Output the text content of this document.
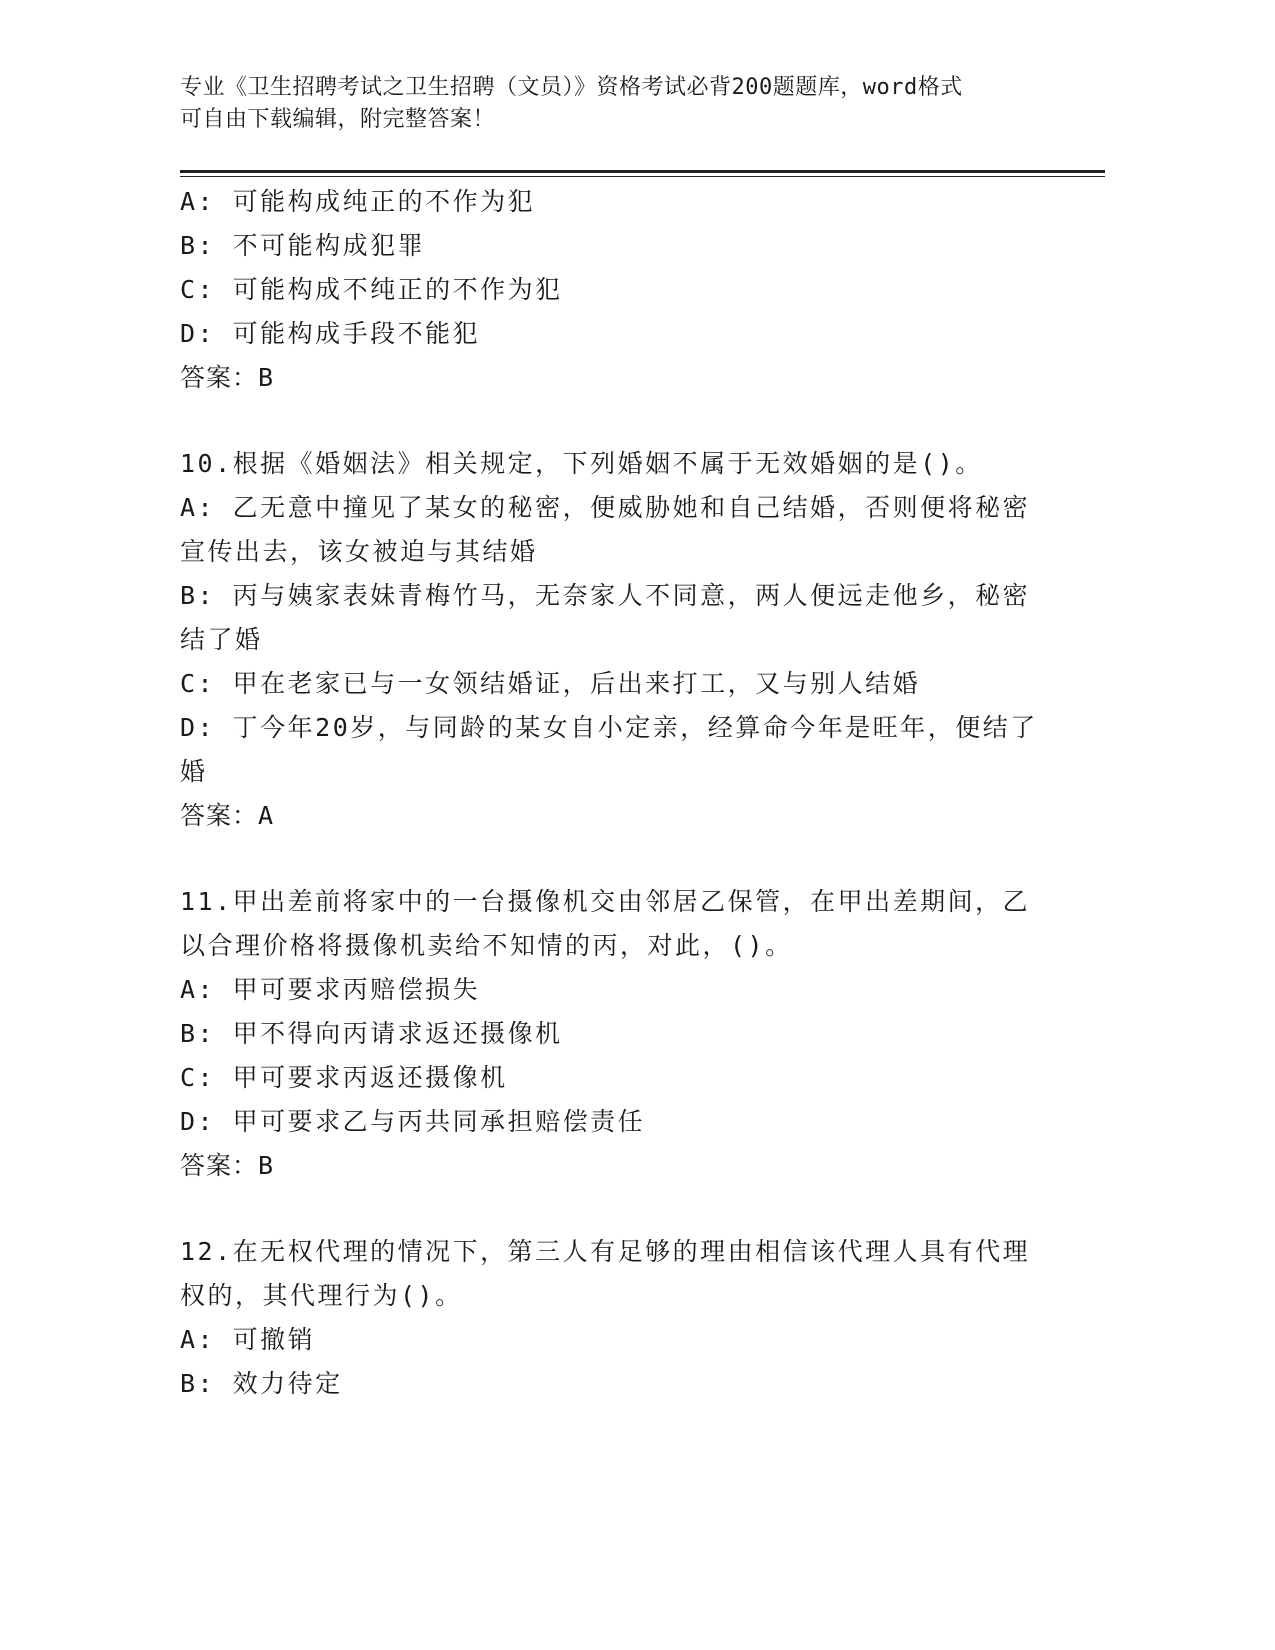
专业《卫生招聘考试之卫生招聘（文员）》资格考试必背200题题库，word格式
可自由下载编辑，附完整答案！
A: 可能构成纯正的不作为犯
B: 不可能构成犯罪
C: 可能构成不纯正的不作为犯
D: 可能构成手段不能犯
答案：B
10.根据《婚姻法》相关规定，下列婚姻不属于无效婚姻的是()。
A: 乙无意中撞见了某女的秘密，便威胁她和自己结婚，否则便将秘密宣传出去，该女被迫与其结婚
B: 丙与姨家表妹青梅竹马，无奈家人不同意，两人便远走他乡，秘密结了婚
C: 甲在老家已与一女领结婚证，后出来打工，又与别人结婚
D: 丁今年20岁，与同龄的某女自小定亲，经算命今年是旺年，便结了婚
答案：A
11.甲出差前将家中的一台摄像机交由邻居乙保管，在甲出差期间，乙以合理价格将摄像机卖给不知情的丙，对此，()。
A: 甲可要求丙赔偿损失
B: 甲不得向丙请求返还摄像机
C: 甲可要求丙返还摄像机
D: 甲可要求乙与丙共同承担赔偿责任
答案：B
12.在无权代理的情况下，第三人有足够的理由相信该代理人具有代理权的，其代理行为()。
A: 可撤销
B: 效力待定
